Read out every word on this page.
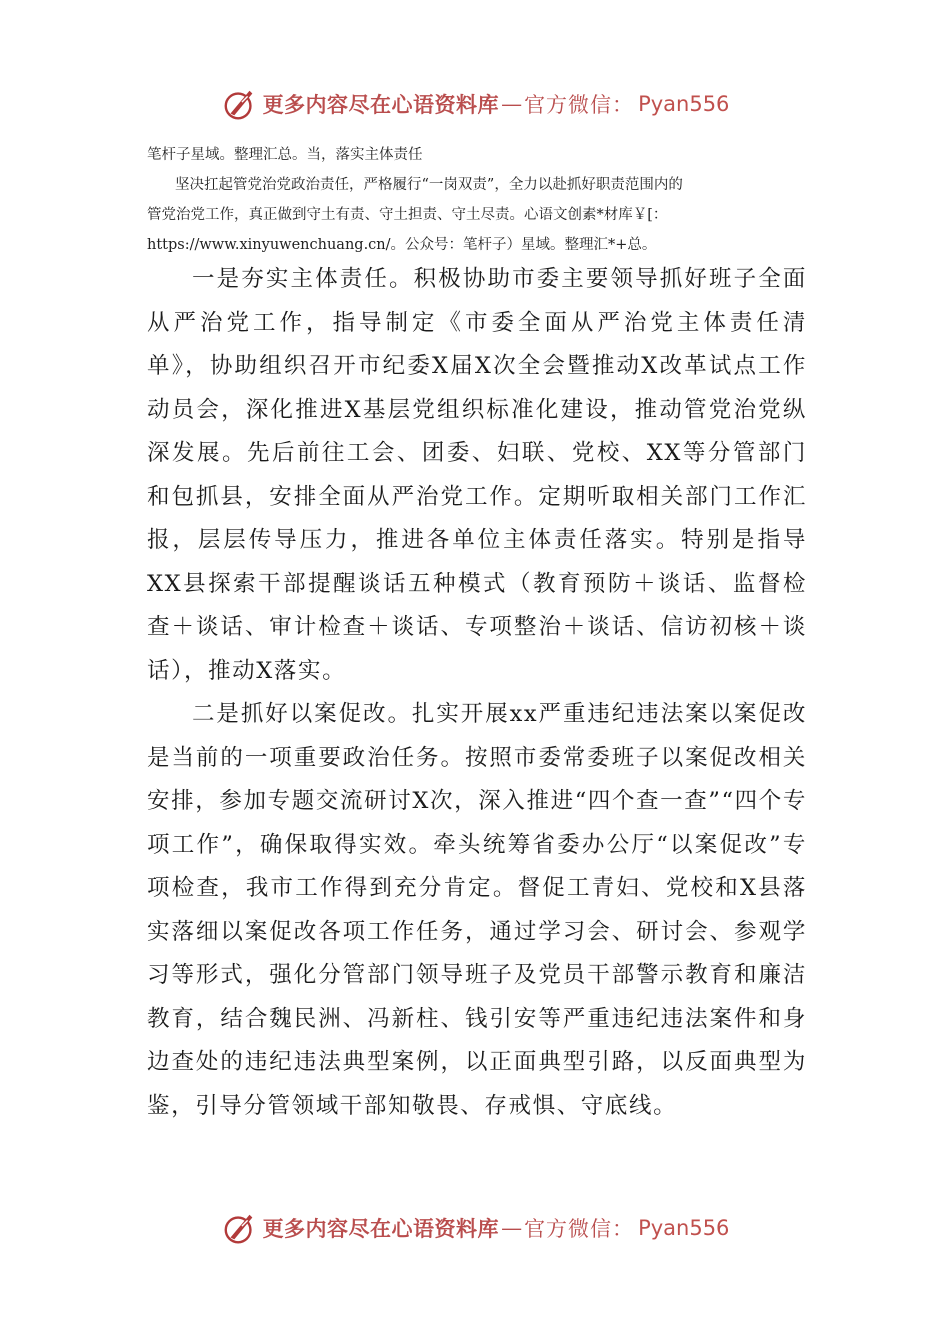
更多内容尽在心语资料库 — 官方微信： Pyan556
笔杆子星域。整理汇总。当，落实主体责任
坚决扛起管党治党政治责任，严格履行“一岗双责”，全力以赴抓好职责范围内的
管党治党工作，真正做到守土有责、守土担责、守土尽责。心语文创素*材库￥[：
https://www.xinyuwenchuang.cn/。公众号：笔杆子）星域。整理汇*+总。

一是夯实主体责任。积极协助市委主要领导抓好班子全面从严治党工作，指导制定《市委全面从严治党主体责任清单》，协助组织召开市纪委X届X次全会暨推动X改革试点工作动员会，深化推进X基层党组织标准化建设，推动管党治党纵深发展。先后前往工会、团委、妇联、党校、XX等分管部门和包抓县，安排全面从严治党工作。定期听取相关部门工作汇报，层层传导压力，推进各单位主体责任落实。特别是指导XX县探索干部提醒谈话五种模式（教育预防＋谈话、监督检查＋谈话、审计检查＋谈话、专项整治＋谈话、信访初核＋谈话），推动X落实。

二是抓好以案促改。扎实开展xx严重违纪违法案以案促改是当前的一项重要政治任务。按照市委常委班子以案促改相关安排，参加专题交流研讨X次，深入推进“四个查一查”“四个专项工作”，确保取得实效。牵头统筹省委办公厅“以案促改”专项检查，我市工作得到充分肯定。督促工青妇、党校和X县落实落细以案促改各项工作任务，通过学习会、研讨会、参观学习等形式，强化分管部门领导班子及党员干部警示教育和廉洁教育，结合魏民洲、冯新柱、钱引安等严重违纪违法案件和身边查处的违纪违法典型案例，以正面典型引路，以反面典型为鉴，引导分管领域干部知敬畏、存戒惧、守底线。

更多内容尽在心语资料库 — 官方微信： Pyan556
